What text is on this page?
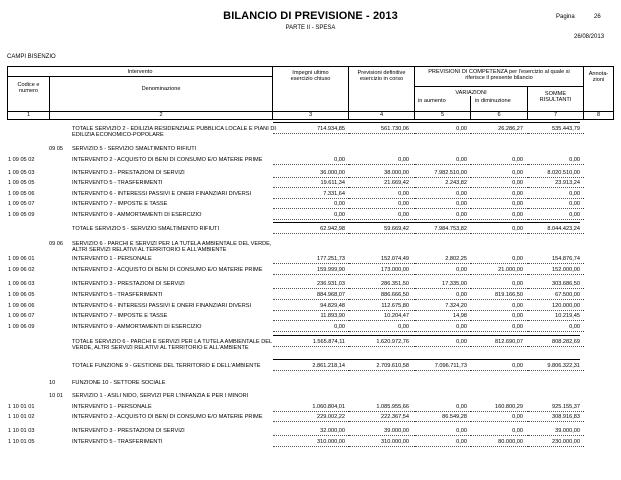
BILANCIO DI PREVISIONE - 2013
PARTE II - SPESA
Pagina	26
26/08/2013
CAMPI BISENZIO
Intervento
Codice e numero	Denominazione
Impegni ultimo esercizio chiuso
Previsioni definitive esercizio in corso
PREVISIONI DI COMPETENZA per l'esercizio al quale si riferisce il presente bilancio
VARIAZIONI
in aumento	in diminuzione
SOMME RISULTANTI
Annota- zioni
1	2	3	4	5	6	7	8
TOTALE SERVIZIO 2 - EDILIZIA RESIDENZIALE PUBBLICA LOCALE E PIANI DI EDILIZIA ECONOMICO-POPOLARE
714.934,85	561.730,06	0,00	26.286,27	535.443,79
09 05 SERVIZIO 5 - SERVIZIO SMALTIMENTO RIFIUTI
1 09 05 02	INTERVENTO 2 - ACQUISTO DI BENI DI CONSUMO E/O MATERIE PRIME	0,00	0,00	0,00	0,00	0,00
1 09 05 03	INTERVENTO 3 - PRESTAZIONI DI SERVIZI	36.000,00	38.000,00	7.982.510,00	0,00	8.020.510,00
1 09 05 05	INTERVENTO 5 - TRASFERIMENTI	19.611,34	21.669,42	2.243,82	0,00	23.913,24
1 09 05 06	INTERVENTO 6 - INTERESSI PASSIVI E ONERI FINANZIARI DIVERSI	7.331,64	0,00	0,00	0,00	0,00
1 09 05 07	INTERVENTO 7 - IMPOSTE E TASSE	0,00	0,00	0,00	0,00	0,00
1 09 05 09	INTERVENTO 9 - AMMORTAMENTI DI ESERCIZIO	0,00	0,00	0,00	0,00	0,00
TOTALE SERVIZIO 5 - SERVIZIO SMALTIMENTO RIFIUTI	62.942,98	59.669,42	7.984.753,82	0,00	8.044.423,24
09 06 SERVIZIO 6 - PARCHI E SERVIZI PER LA TUTELA AMBIENTALE DEL VERDE, ALTRI SERVIZI RELATIVI AL TERRITORIO E ALL'AMBIENTE
1 09 06 01	INTERVENTO 1 - PERSONALE	177.251,73	152.074,49	2.802,25	0,00	154.876,74
1 09 06 02	INTERVENTO 2 - ACQUISTO DI BENI DI CONSUMO E/O MATERIE PRIME	159.999,90	173.000,00	0,00	21.000,00	152.000,00
1 09 06 03	INTERVENTO 3 - PRESTAZIONI DI SERVIZI	236.931,03	286.351,50	17.335,00	0,00	303.686,50
1 09 06 05	INTERVENTO 5 - TRASFERIMENTI	884.968,07	886.666,50	0,00	819.166,50	67.500,00
1 09 06 06	INTERVENTO 6 - INTERESSI PASSIVI E ONERI FINANZIARI DIVERSI	94.829,48	112.675,80	7.324,20	0,00	120.000,00
1 09 06 07	INTERVENTO 7 - IMPOSTE E TASSE	11.893,90	10.204,47	14,98	0,00	10.219,45
1 09 06 09	INTERVENTO 9 - AMMORTAMENTI DI ESERCIZIO	0,00	0,00	0,00	0,00	0,00
TOTALE SERVIZIO 6 - PARCHI E SERVIZI PER LA TUTELA AMBIENTALE DEL VERDE, ALTRI SERVIZI RELATIVI AL TERRITORIO E ALL'AMBIENTE
1.565.874,11	1.620.972,76	0,00	812.690,07	808.282,69
TOTALE FUNZIONE 9 - GESTIONE DEL TERRITORIO E DELL'AMBIENTE	2.861.218,14	2.709.610,58	7.096.711,73	0,00	9.806.322,31
10	FUNZIONE 10 - SETTORE SOCIALE
10 01 SERVIZIO 1 - ASILI NIDO, SERVIZI PER L'INFANZIA E PER I MINORI
1 10 01 01	INTERVENTO 1 - PERSONALE	1.060.804,01	1.085.955,66	0,00	160.800,29	925.155,37
1 10 01 02	INTERVENTO 2 - ACQUISTO DI BENI DI CONSUMO E/O MATERIE PRIME	229.002,22	222.367,54	86.549,28	0,00	308.916,83
1 10 01 03	INTERVENTO 3 - PRESTAZIONI DI SERVIZI	32.000,00	39.000,00	0,00	0,00	39.000,00
1 10 01 05	INTERVENTO 5 - TRASFERIMENTI	310.000,00	310.000,00	0,00	80.000,00	230.000,00
